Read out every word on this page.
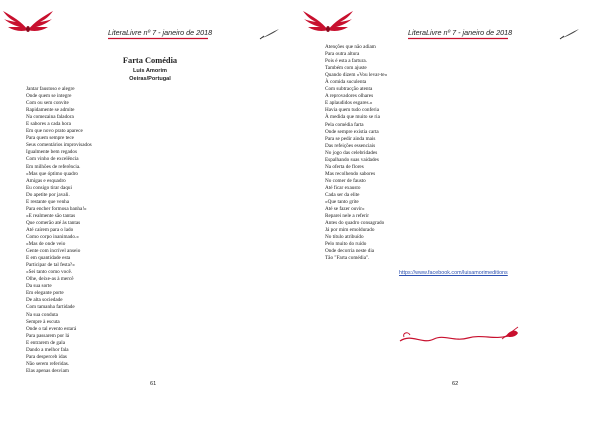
LiteraLivre nº 7 - janeiro de 2018
Farta Comédia
Luis Amorim
Oeiras/Portugal
Jantar faustoso e alegre
Onde quem se integre
Com ou sem convite
Rapidamente se admite
Na comezaina faladora
E sabores a cada hora
Em que novo prato aparece
Para quem sempre tece
Seus comentários improvisados
Igualmente bem regados
Com vinho de excelência
Em milhões de referência.
«Mas que óptimo quadro
Amigas e esquadro
Eu consigo tirar daqui
Do apetite por javali.
E restante que venha
Para encher formosa banha!»
«E realmente são tantas
Que comerão até às tantas
Até caírem para o lado
Como corpo inanimado.»
«Mas de onde veio
Gente com incrível anseio
E em quantidade esta
Participar de tal festa?»
«Sei tanto como você.
Olhe, deixe-as à mercê
Da sua sorte
Em elegante porte
De alta sociedade
Com tamanha fartidade
Na sua conduta
Sempre à escuta
Onde o tal evento estará
Para passarem por lá
E entrarem de gala
Dando a melhor fala
Para desperceb idas
Não serem referidas.
Elas apenas desviam
61
LiteraLivre nº 7 - janeiro de 2018
Atenções que não adiam
Para outra altura
Pois é esta a fartura.
Também com ajuste
Quando dizem «Vou levar-te»
À comida suculenta
Com subtracção atenta
A reprovadores olhares
E aplaudidos esgares.»
Havia quem tudo conferia
À medida que muito se ria
Pela comédia farta
Onde sempre existia carta
Para se pedir ainda mais
Das refeições essenciais
No jogo das celebridades
Espalhando suas vaidades
Na oferta de flores
Mas recolhendo sabores
No comer de fausto
Até ficar exausto
Cada ser da elite
«Que tanto grite
Até se fazer ouvir»
Reparei nele a referir
Antes do quadro consagrado
Já por mim emoldurado
No título atribuído
Pelo muito do ruído
Onde decorria neste dia
Tão "Farta comédia".
https://www.facebook.com/luisamorimeditions
62
